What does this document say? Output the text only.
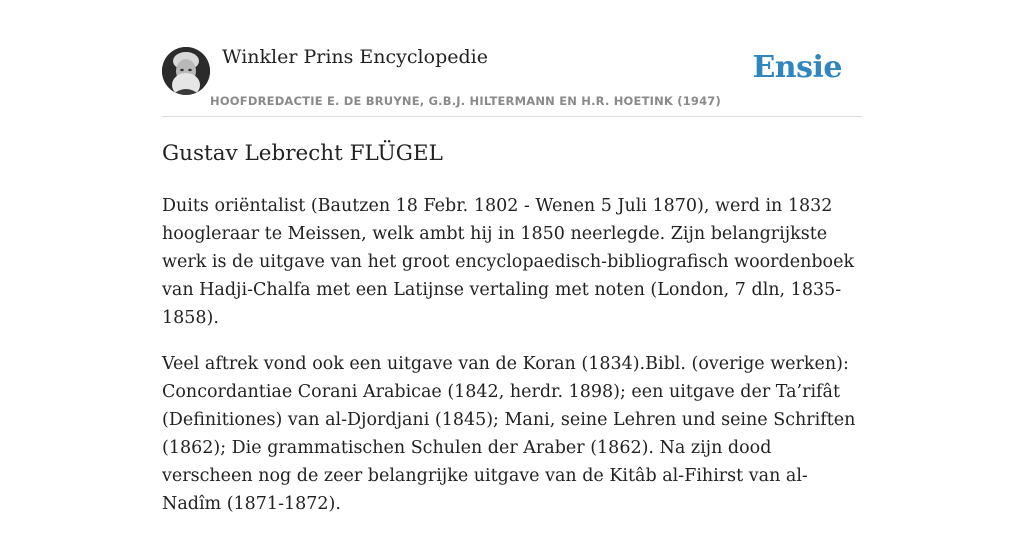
Winkler Prins Encyclopedie	Ensie
HOOFDREDACTIE E. DE BRUYNE, G.B.J. HILTERMANN EN H.R. HOETINK (1947)
Gustav Lebrecht FLÜGEL

Duits oriëntalist (Bautzen 18 Febr. 1802 - Wenen 5 Juli 1870), werd in 1832 hoogleraar te Meissen, welk ambt hij in 1850 neerlegde. Zijn belangrijkste werk is de uitgave van het groot encyclopaedisch-bibliografisch woordenboek van Hadji-Chalfa met een Latijnse vertaling met noten (London, 7 dln, 1835-1858).

Veel aftrek vond ook een uitgave van de Koran (1834).Bibl. (overige werken): Concordantiae Corani Arabicae (1842, herdr. 1898); een uitgave der Ta’rifât (Definitiones) van al-Djordjani (1845); Mani, seine Lehren und seine Schriften (1862); Die grammatischen Schulen der Araber (1862). Na zijn dood verscheen nog de zeer belangrijke uitgave van de Kitâb al-Fihirst van al-Nadîm (1871-1872).
